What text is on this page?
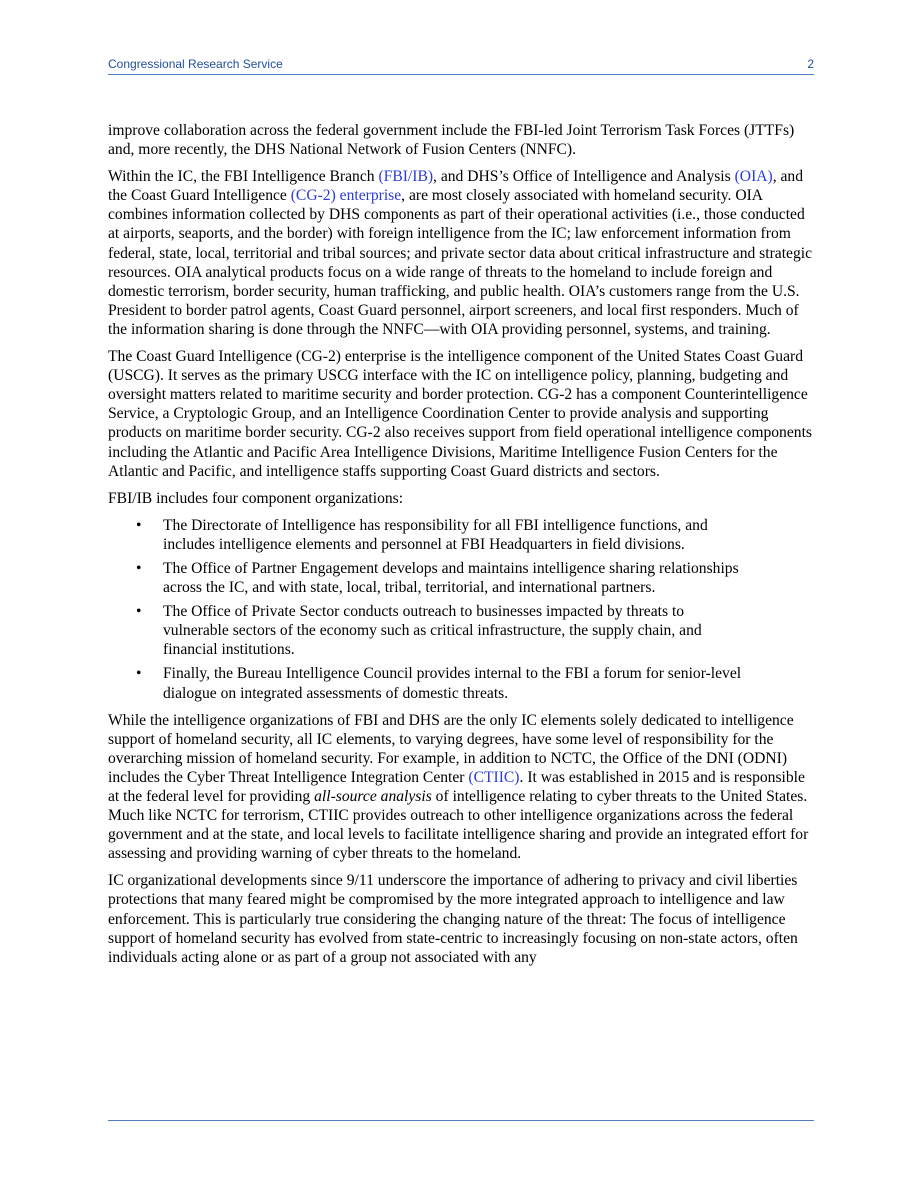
Congressional Research Service	2

improve collaboration across the federal government include the FBI-led Joint Terrorism Task Forces (JTTFs) and, more recently, the DHS National Network of Fusion Centers (NNFC).

Within the IC, the FBI Intelligence Branch (FBI/IB), and DHS’s Office of Intelligence and Analysis (OIA), and the Coast Guard Intelligence (CG-2) enterprise, are most closely associated with homeland security. OIA combines information collected by DHS components as part of their operational activities (i.e., those conducted at airports, seaports, and the border) with foreign intelligence from the IC; law enforcement information from federal, state, local, territorial and tribal sources; and private sector data about critical infrastructure and strategic resources. OIA analytical products focus on a wide range of threats to the homeland to include foreign and domestic terrorism, border security, human trafficking, and public health. OIA’s customers range from the U.S. President to border patrol agents, Coast Guard personnel, airport screeners, and local first responders. Much of the information sharing is done through the NNFC—with OIA providing personnel, systems, and training.

The Coast Guard Intelligence (CG-2) enterprise is the intelligence component of the United States Coast Guard (USCG). It serves as the primary USCG interface with the IC on intelligence policy, planning, budgeting and oversight matters related to maritime security and border protection. CG-2 has a component Counterintelligence Service, a Cryptologic Group, and an Intelligence Coordination Center to provide analysis and supporting products on maritime border security. CG-2 also receives support from field operational intelligence components including the Atlantic and Pacific Area Intelligence Divisions, Maritime Intelligence Fusion Centers for the Atlantic and Pacific, and intelligence staffs supporting Coast Guard districts and sectors.

FBI/IB includes four component organizations:

• The Directorate of Intelligence has responsibility for all FBI intelligence functions, and includes intelligence elements and personnel at FBI Headquarters in field divisions.
• The Office of Partner Engagement develops and maintains intelligence sharing relationships across the IC, and with state, local, tribal, territorial, and international partners.
• The Office of Private Sector conducts outreach to businesses impacted by threats to vulnerable sectors of the economy such as critical infrastructure, the supply chain, and financial institutions.
• Finally, the Bureau Intelligence Council provides internal to the FBI a forum for senior-level dialogue on integrated assessments of domestic threats.

While the intelligence organizations of FBI and DHS are the only IC elements solely dedicated to intelligence support of homeland security, all IC elements, to varying degrees, have some level of responsibility for the overarching mission of homeland security. For example, in addition to NCTC, the Office of the DNI (ODNI) includes the Cyber Threat Intelligence Integration Center (CTIIC). It was established in 2015 and is responsible at the federal level for providing all-source analysis of intelligence relating to cyber threats to the United States. Much like NCTC for terrorism, CTIIC provides outreach to other intelligence organizations across the federal government and at the state, and local levels to facilitate intelligence sharing and provide an integrated effort for assessing and providing warning of cyber threats to the homeland.

IC organizational developments since 9/11 underscore the importance of adhering to privacy and civil liberties protections that many feared might be compromised by the more integrated approach to intelligence and law enforcement. This is particularly true considering the changing nature of the threat: The focus of intelligence support of homeland security has evolved from state-centric to increasingly focusing on non-state actors, often individuals acting alone or as part of a group not associated with any
